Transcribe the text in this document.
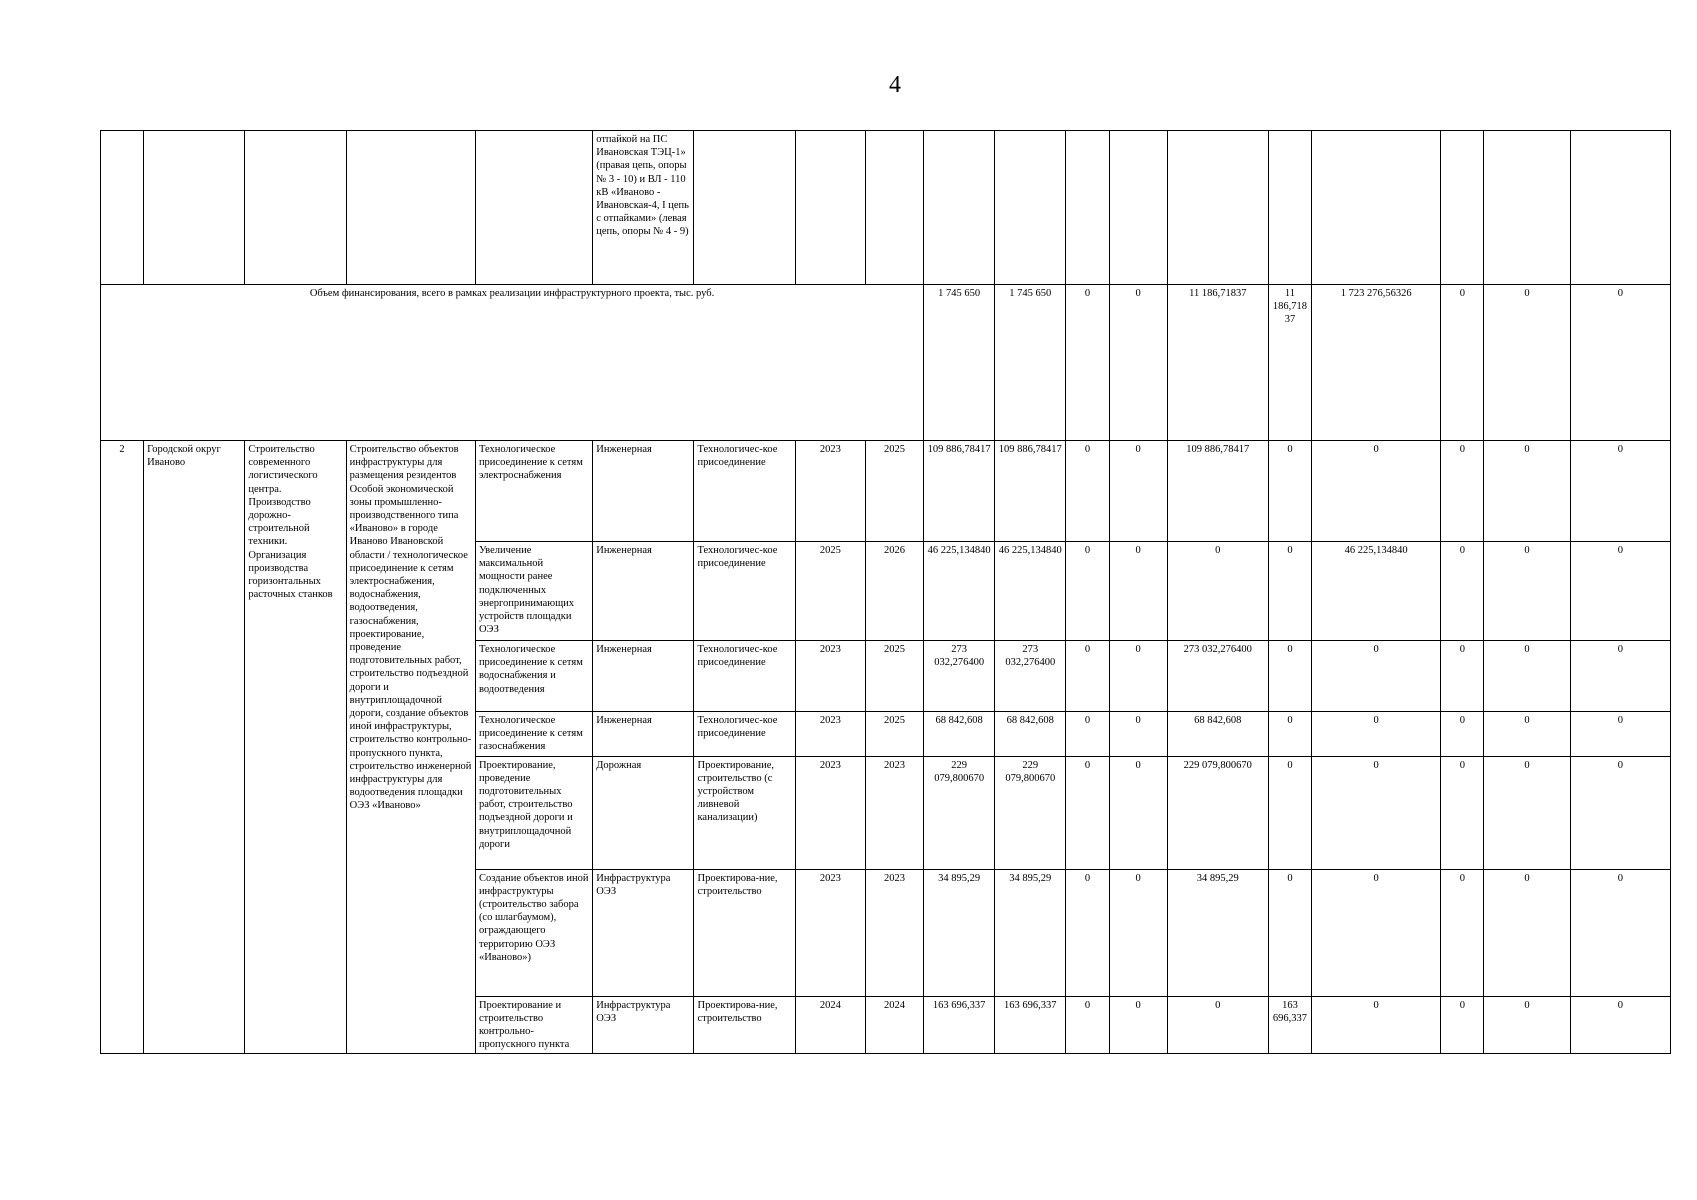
4
					отпайкой на ПС Ивановская ТЭЦ-1» (правая цепь, опоры № 3 - 10) и ВЛ - 110 кВ «Иваново - Ивановская-4, I цепь с отпайками» (левая цепь, опоры № 4 - 9)													
Объем финансирования, всего в рамках реализации инфраструктурного проекта, тыс. руб.									1 745 650	1 745 650	0	0	11 186,71837	11 186,718 37	1 723 276,56326	0	0	0
2	Городской округ Иваново	Строительство современного логистического центра. Производство дорожно-строительной техники. Организация производства горизонтальных расточных станков	Строительство объектов инфраструктуры для размещения резидентов Особой экономической зоны промышленно-производственного типа «Иваново» в городе Иваново Ивановской области / технологическое присоединение к сетям электроснабжения, водоснабжения, водоотведения, газоснабжения, проектирование, проведение подготовительных работ, строительство подъездной дороги и внутриплощадочной дороги, создание объектов иной инфраструктуры, строительство контрольно-пропускного пункта, строительство инженерной инфраструктуры для водоотведения площадки ОЭЗ «Иваново»	Технологическое присоединение к сетям электроснабжения	Инженерная	Технологичес-кое присоединение	2023	2025	109 886,78417	109 886,78417	0	0	109 886,78417	0	0	0	0	0
				Увеличение максимальной мощности ранее подключенных энергопринимающих устройств площадки ОЭЗ	Инженерная	Технологичес-кое присоединение	2025	2026	46 225,134840	46 225,134840	0	0	0	0	46 225,134840	0	0	0
				Технологическое присоединение к сетям водоснабжения и водоотведения	Инженерная	Технологичес-кое присоединение	2023	2025	273 032,276400	273 032,276400	0	0	273 032,276400	0	0	0	0	0
				Технологическое присоединение к сетям газоснабжения	Инженерная	Технологичес-кое присоединение	2023	2025	68 842,608	68 842,608	0	0	68 842,608	0	0	0	0	0
				Проектирование, проведение подготовительных работ, строительство подъездной дороги и внутриплощадочной дороги	Дорожная	Проектирование, строительство (с устройством ливневой канализации)	2023	2023	229 079,800670	229 079,800670	0	0	229 079,800670	0	0	0	0	0
				Создание объектов иной инфраструктуры (строительство забора (со шлагбаумом), ограждающего территорию ОЭЗ «Иваново»)	Инфраструктура ОЭЗ	Проектирова-ние, строительство	2023	2023	34 895,29	34 895,29	0	0	34 895,29	0	0	0	0	0
				Проектирование и строительство контрольно-пропускного пункта	Инфраструктура ОЭЗ	Проектирова-ние, строительство	2024	2024	163 696,337	163 696,337	0	0	0	163 696,337	0	0	0	0
